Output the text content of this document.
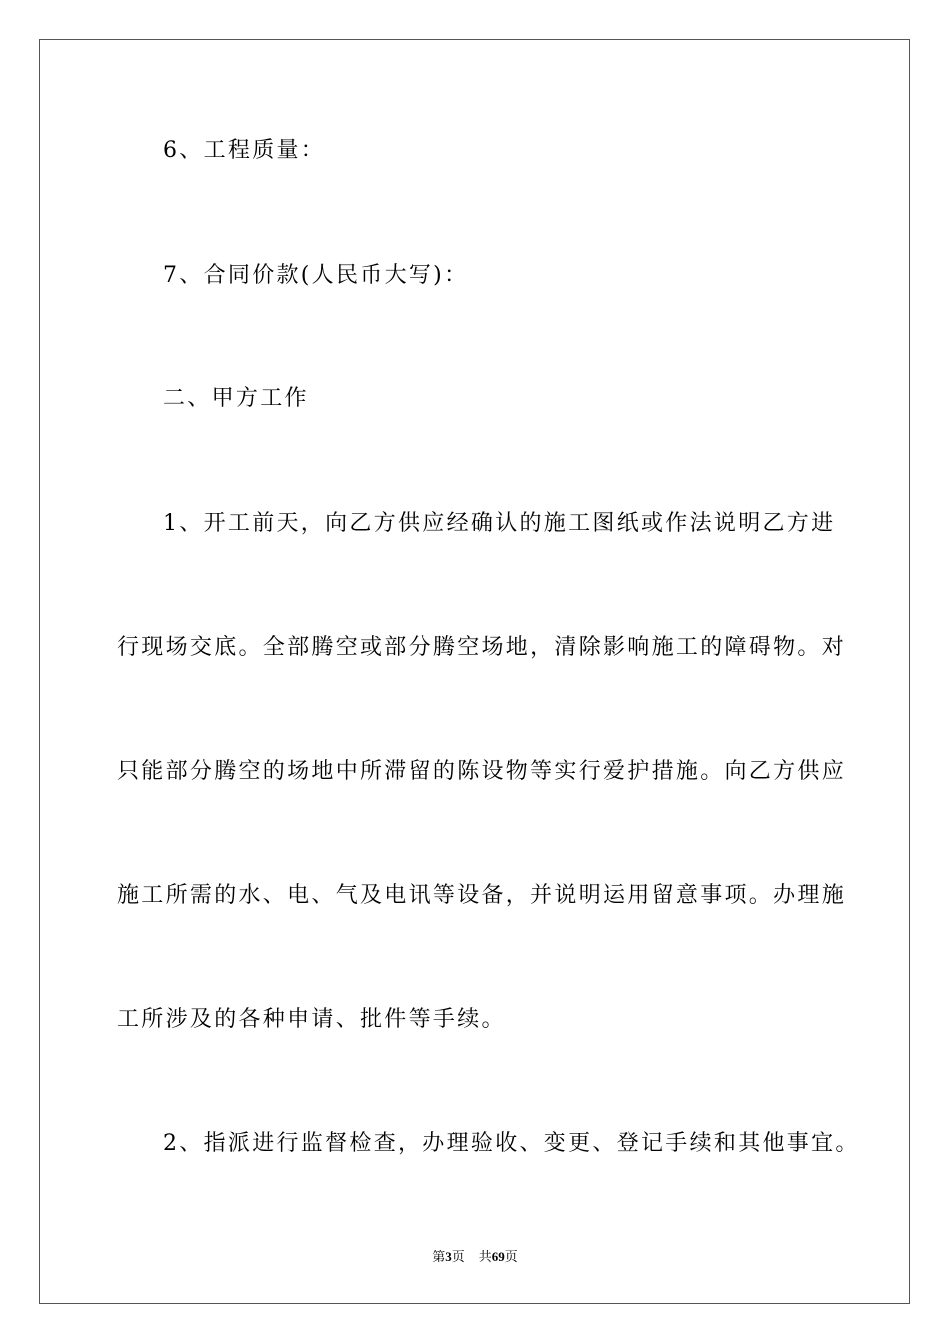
6、工程质量：
7、合同价款(人民币大写)：
二、甲方工作
1、开工前天，向乙方供应经确认的施工图纸或作法说明乙方进
行现场交底。全部腾空或部分腾空场地，清除影响施工的障碍物。对
只能部分腾空的场地中所滞留的陈设物等实行爱护措施。向乙方供应
施工所需的水、电、气及电讯等设备，并说明运用留意事项。办理施
工所涉及的各种申请、批件等手续。
2、指派进行监督检查，办理验收、变更、登记手续和其他事宜。
第3页 共69页
